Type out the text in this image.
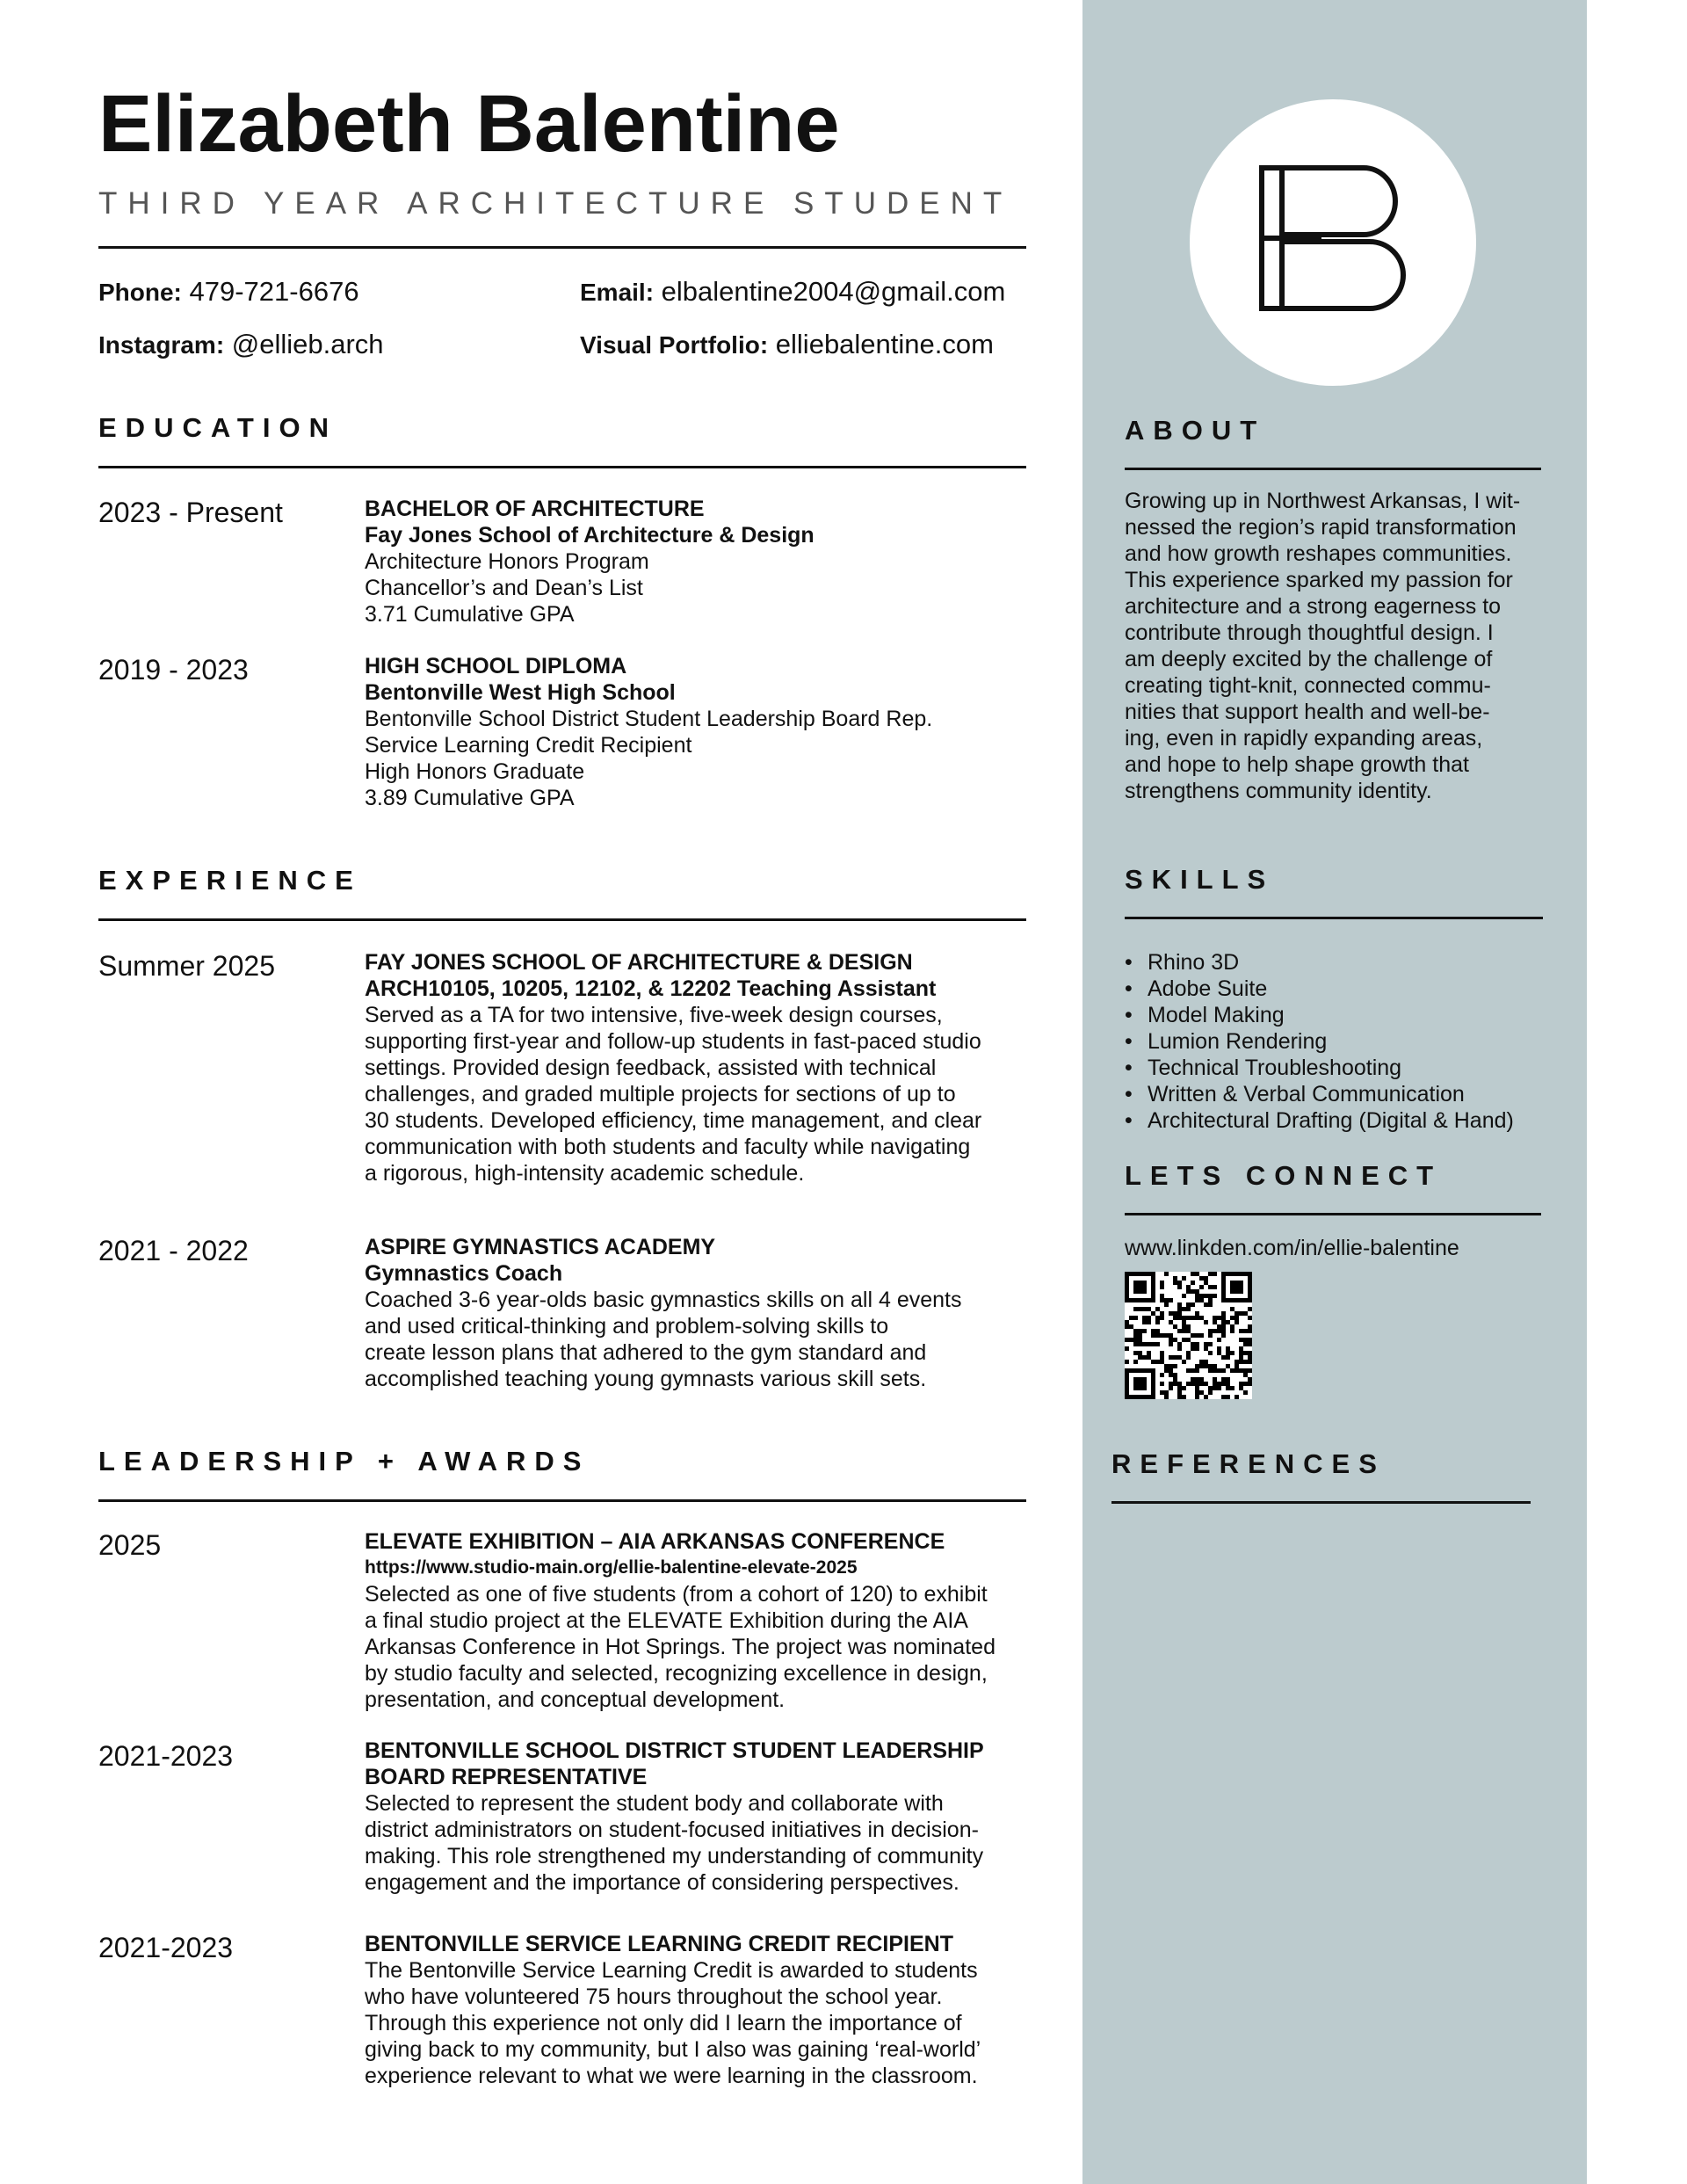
Elizabeth Balentine
THIRD YEAR ARCHITECTURE STUDENT
Phone: 479-721-6676	Email: elbalentine2004@gmail.com
Instagram: @ellieb.arch	Visual Portfolio: elliebalentine.com
EDUCATION
2023 - Present	BACHELOR OF ARCHITECTURE
Fay Jones School of Architecture & Design
Architecture Honors Program
Chancellor’s and Dean’s List
3.71 Cumulative GPA
2019 - 2023	HIGH SCHOOL DIPLOMA
Bentonville West High School
Bentonville School District Student Leadership Board Rep.
Service Learning Credit Recipient
High Honors Graduate
3.89 Cumulative GPA
EXPERIENCE
Summer 2025	FAY JONES SCHOOL OF ARCHITECTURE & DESIGN
ARCH10105, 10205, 12102, & 12202 Teaching Assistant
Served as a TA for two intensive, five-week design courses,
supporting first-year and follow-up students in fast-paced studio
settings. Provided design feedback, assisted with technical
challenges, and graded multiple projects for sections of up to
30 students. Developed efficiency, time management, and clear
communication with both students and faculty while navigating
a rigorous, high-intensity academic schedule.
2021 - 2022	ASPIRE GYMNASTICS ACADEMY
Gymnastics Coach
Coached 3-6 year-olds basic gymnastics skills on all 4 events
and used critical-thinking and problem-solving skills to
create lesson plans that adhered to the gym standard and
accomplished teaching young gymnasts various skill sets.
LEADERSHIP + AWARDS
2025	ELEVATE EXHIBITION – AIA ARKANSAS CONFERENCE
https://www.studio-main.org/ellie-balentine-elevate-2025
Selected as one of five students (from a cohort of 120) to exhibit
a final studio project at the ELEVATE Exhibition during the AIA
Arkansas Conference in Hot Springs. The project was nominated
by studio faculty and selected, recognizing excellence in design,
presentation, and conceptual development.
2021-2023	BENTONVILLE SCHOOL DISTRICT STUDENT LEADERSHIP
BOARD REPRESENTATIVE
Selected to represent the student body and collaborate with
district administrators on student-focused initiatives in decision-
making. This role strengthened my understanding of community
engagement and the importance of considering perspectives.
2021-2023	BENTONVILLE SERVICE LEARNING CREDIT RECIPIENT
The Bentonville Service Learning Credit is awarded to students
who have volunteered 75 hours throughout the school year.
Through this experience not only did I learn the importance of
giving back to my community, but I also was gaining ‘real-world’
experience relevant to what we were learning in the classroom.
ABOUT
Growing up in Northwest Arkansas, I wit-
nessed the region’s rapid transformation
and how growth reshapes communities.
This experience sparked my passion for
architecture and a strong eagerness to
contribute through thoughtful design. I
am deeply excited by the challenge of
creating tight-knit, connected commu-
nities that support health and well-be-
ing, even in rapidly expanding areas,
and hope to help shape growth that
strengthens community identity.
SKILLS
• Rhino 3D
• Adobe Suite
• Model Making
• Lumion Rendering
• Technical Troubleshooting
• Written & Verbal Communication
• Architectural Drafting (Digital & Hand)
LETS CONNECT
www.linkden.com/in/ellie-balentine
REFERENCES
